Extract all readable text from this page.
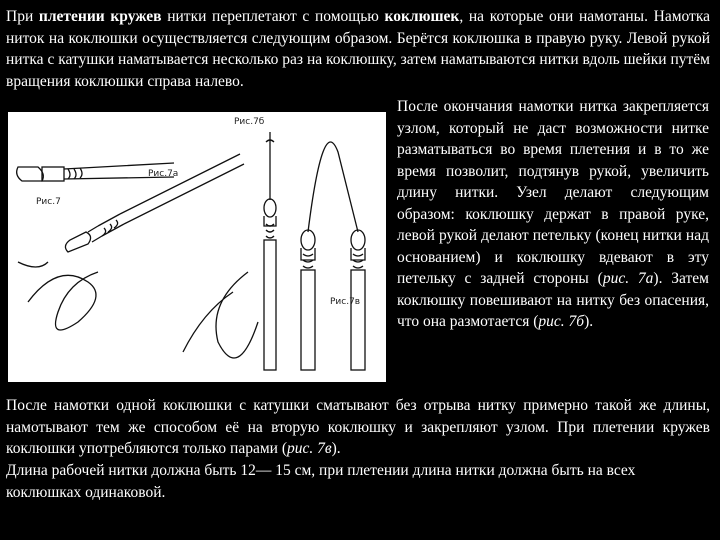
При плетении кружев нитки переплетают с помощью коклюшек, на которые они намотаны. Намотка ниток на коклюшки осуществляется следующим образом. Берётся коклюшка в правую руку. Левой рукой нитка с катушки наматывается несколько раз на коклюшку, затем наматываются нитки вдоль шейки путём вращения коклюшки справа налево.

Рис.7
Рис.7а
Рис.7б
Рис.7в

После окончания намотки нитка закрепляется узлом, который не даст возможности нитке разматываться во время плетения и в то же время позволит, подтянув рукой, увеличить длину нитки. Узел делают следующим образом: коклюшку держат в правой руке, левой рукой делают петельку (конец нитки над основанием) и коклюшку вдевают в эту петельку с задней стороны (рис. 7а). Затем коклюшку повешивают на нитку без опасения, что она размотается (рис. 7б).

После намотки одной коклюшки с катушки сматывают без отрыва нитку примерно такой же длины, намотывают тем же способом её на вторую коклюшку и закрепляют узлом. При плетении кружев коклюшки употребляются только парами (рис. 7в).

Длина рабочей нитки должна быть 12— 15 см, при плетении длина нитки должна быть на всех коклюшках одинаковой.
